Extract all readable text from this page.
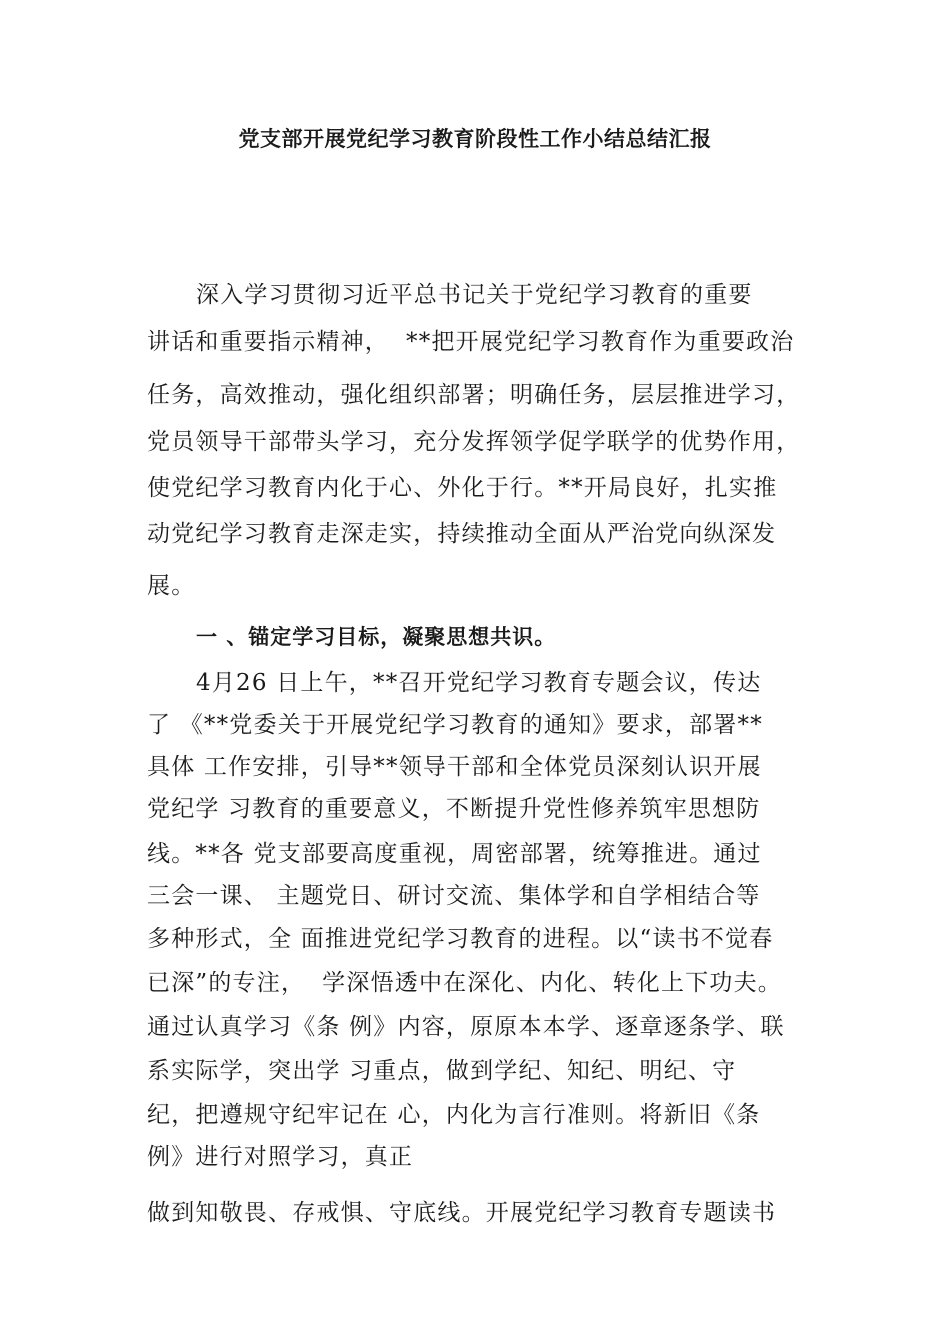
党支部开展党纪学习教育阶段性工作小结总结汇报
深入学习贯彻习近平总书记关于党纪学习教育的重要
讲话和重要指示精神，  **把开展党纪学习教育作为重要政治
任务，高效推动，强化组织部署；明确任务，层层推进学习，
党员领导干部带头学习，充分发挥领学促学联学的优势作用，
使党纪学习教育内化于心、外化于行。**开局良好，扎实推
动党纪学习教育走深走实，持续推动全面从严治党向纵深发
展。
一 、锚定学习目标，凝聚思想共识。
4月26 日上午，**召开党纪学习教育专题会议，传达
了 《**党委关于开展党纪学习教育的通知》要求，部署**
具体 工作安排，引导**领导干部和全体党员深刻认识开展
党纪学 习教育的重要意义，不断提升党性修养筑牢思想防
线。**各 党支部要高度重视，周密部署，统筹推进。通过
三会一课、 主题党日、研讨交流、集体学和自学相结合等
多种形式，全 面推进党纪学习教育的进程。以“读书不觉春
已深”的专注，  学深悟透中在深化、内化、转化上下功夫。
通过认真学习《条 例》内容，原原本本学、逐章逐条学、联
系实际学，突出学 习重点，做到学纪、知纪、明纪、守
纪，把遵规守纪牢记在 心，内化为言行准则。将新旧《条
例》进行对照学习，真正
做到知敬畏、存戒惧、守底线。开展党纪学习教育专题读书
